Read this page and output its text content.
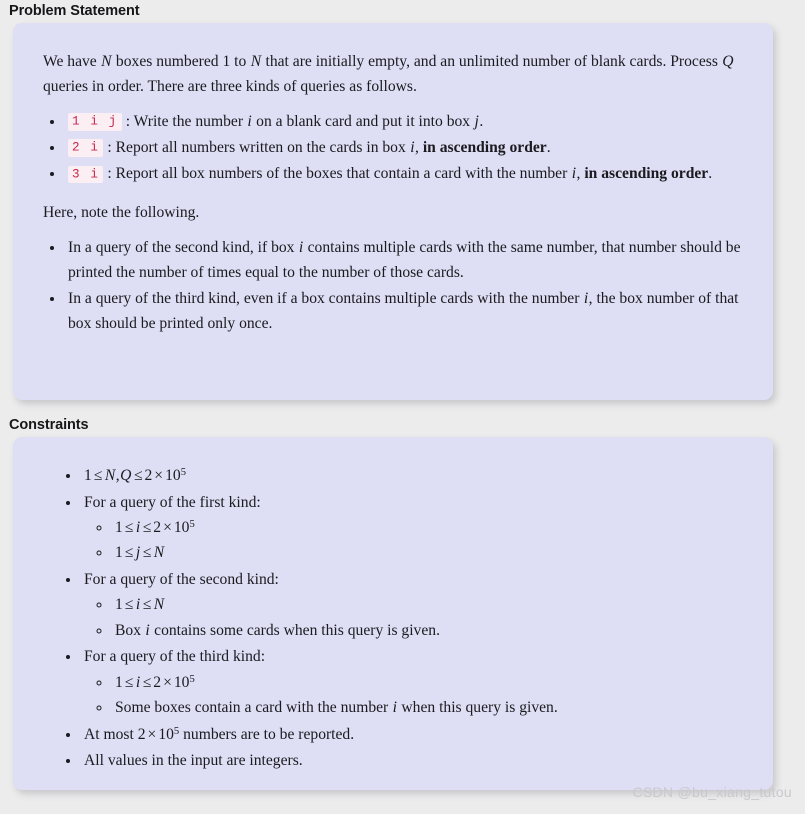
Problem Statement

We have N boxes numbered 1 to N that are initially empty, and an unlimited number of blank cards. Process Q queries in order. There are three kinds of queries as follows.

• 1 i j : Write the number i on a blank card and put it into box j.
• 2 i : Report all numbers written on the cards in box i, in ascending order.
• 3 i : Report all box numbers of the boxes that contain a card with the number i, in ascending order.

Here, note the following.

• In a query of the second kind, if box i contains multiple cards with the same number, that number should be printed the number of times equal to the number of those cards.
• In a query of the third kind, even if a box contains multiple cards with the number i, the box number of that box should be printed only once.
Constraints
• $1 \le N,Q \le 2 \times 10^5$
• For a query of the first kind:
◦ $1 \le i \le 2 \times 10^5$
◦ 1 ≤ j ≤ N
• For a query of the second kind:
◦ 1 ≤ i ≤ N
◦ Box i contains some cards when this query is given.
• For a query of the third kind:
◦ $1 \le i \le 2 \times 10^5$
◦ Some boxes contain a card with the number i when this query is given.
• At most $2 \times 10^5$ numbers are to be reported.
• All values in the input are integers.
CSDN @bu_xiang_tutou
